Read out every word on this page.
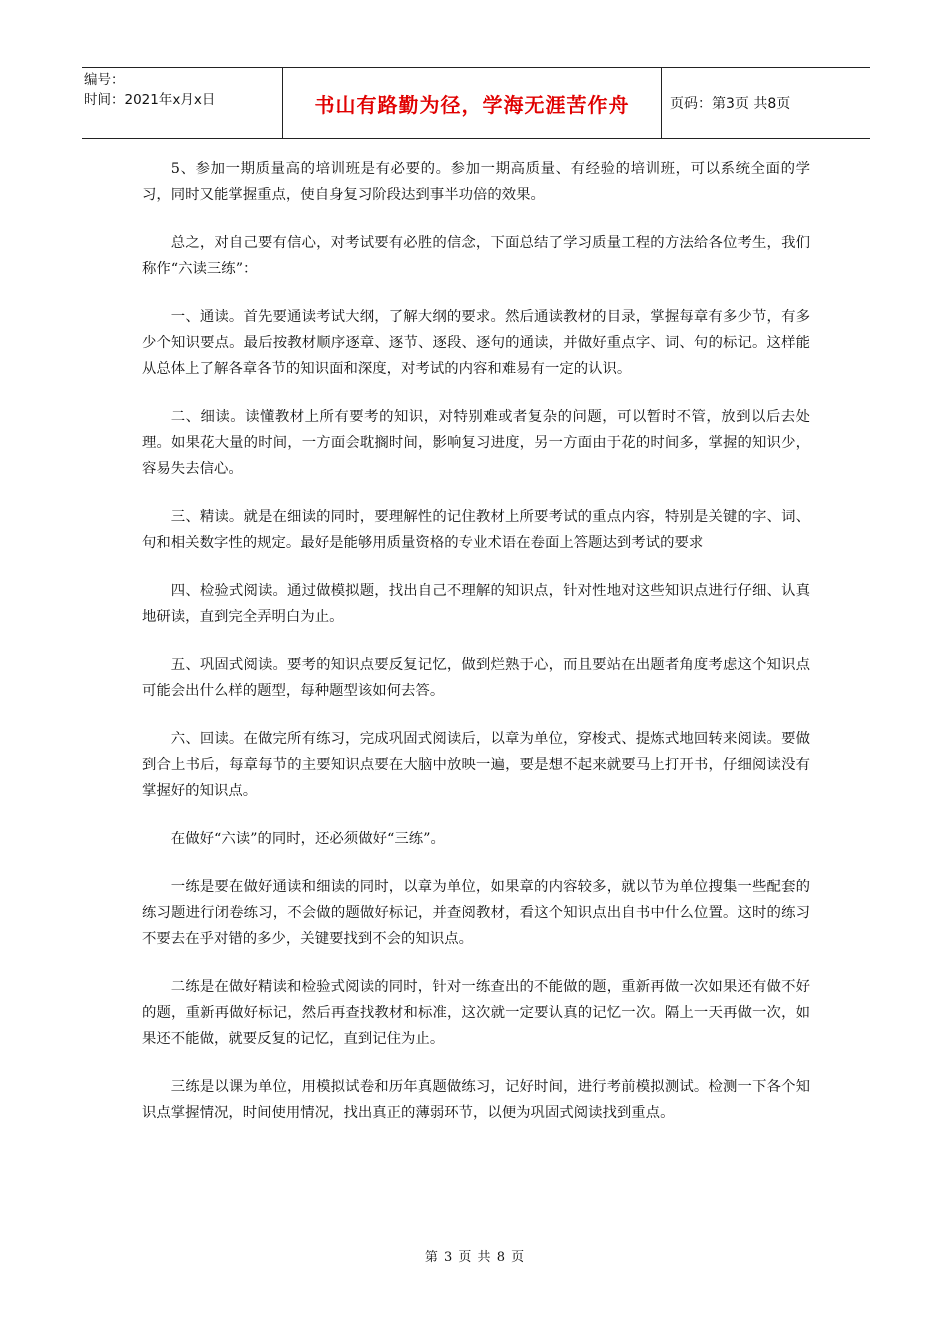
编号：
时间：2021年x月x日	书山有路勤为径，学海无涯苦作舟	页码：第3页 共8页

5、参加一期质量高的培训班是有必要的。参加一期高质量、有经验的培训班，可以系统全面的学习，同时又能掌握重点，使自身复习阶段达到事半功倍的效果。

总之，对自己要有信心，对考试要有必胜的信念，下面总结了学习质量工程的方法给各位考生，我们称作“六读三练”：

一、通读。首先要通读考试大纲，了解大纲的要求。然后通读教材的目录，掌握每章有多少节，有多少个知识要点。最后按教材顺序逐章、逐节、逐段、逐句的通读，并做好重点字、词、句的标记。这样能从总体上了解各章各节的知识面和深度，对考试的内容和难易有一定的认识。

二、细读。读懂教材上所有要考的知识，对特别难或者复杂的问题，可以暂时不管，放到以后去处理。如果花大量的时间，一方面会耽搁时间，影响复习进度，另一方面由于花的时间多，掌握的知识少，容易失去信心。

三、精读。就是在细读的同时，要理解性的记住教材上所要考试的重点内容，特别是关键的字、词、句和相关数字性的规定。最好是能够用质量资格的专业术语在卷面上答题达到考试的要求

四、检验式阅读。通过做模拟题，找出自己不理解的知识点，针对性地对这些知识点进行仔细、认真地研读，直到完全弄明白为止。

五、巩固式阅读。要考的知识点要反复记忆，做到烂熟于心，而且要站在出题者角度考虑这个知识点可能会出什么样的题型，每种题型该如何去答。

六、回读。在做完所有练习，完成巩固式阅读后，以章为单位，穿梭式、提炼式地回转来阅读。要做到合上书后，每章每节的主要知识点要在大脑中放映一遍，要是想不起来就要马上打开书，仔细阅读没有掌握好的知识点。

在做好“六读”的同时，还必须做好“三练”。

一练是要在做好通读和细读的同时，以章为单位，如果章的内容较多，就以节为单位搜集一些配套的练习题进行闭卷练习，不会做的题做好标记，并查阅教材，看这个知识点出自书中什么位置。这时的练习不要去在乎对错的多少，关键要找到不会的知识点。

二练是在做好精读和检验式阅读的同时，针对一练查出的不能做的题，重新再做一次如果还有做不好的题，重新再做好标记，然后再查找教材和标准，这次就一定要认真的记忆一次。隔上一天再做一次，如果还不能做，就要反复的记忆，直到记住为止。

三练是以课为单位，用模拟试卷和历年真题做练习，记好时间，进行考前模拟测试。检测一下各个知识点掌握情况，时间使用情况，找出真正的薄弱环节，以便为巩固式阅读找到重点。

第 3 页 共 8 页
